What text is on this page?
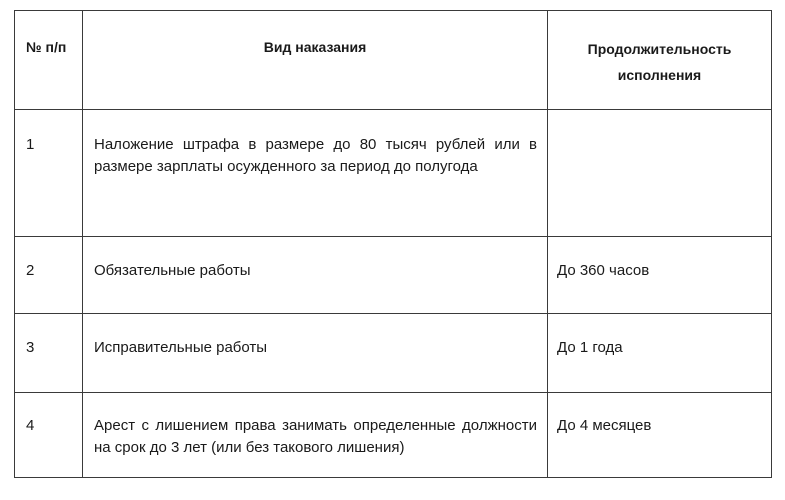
№ п/п	Вид наказания	Продолжительность исполнения

1	Наложение штрафа в размере до 80 тысяч рублей или в размере зарплаты осужденного за период до полугода	

2	Обязательные работы	До 360 часов

3	Исправительные работы	До 1 года

4	Арест с лишением права занимать определенные должности на срок до 3 лет (или без такового лишения)	До 4 месяцев
